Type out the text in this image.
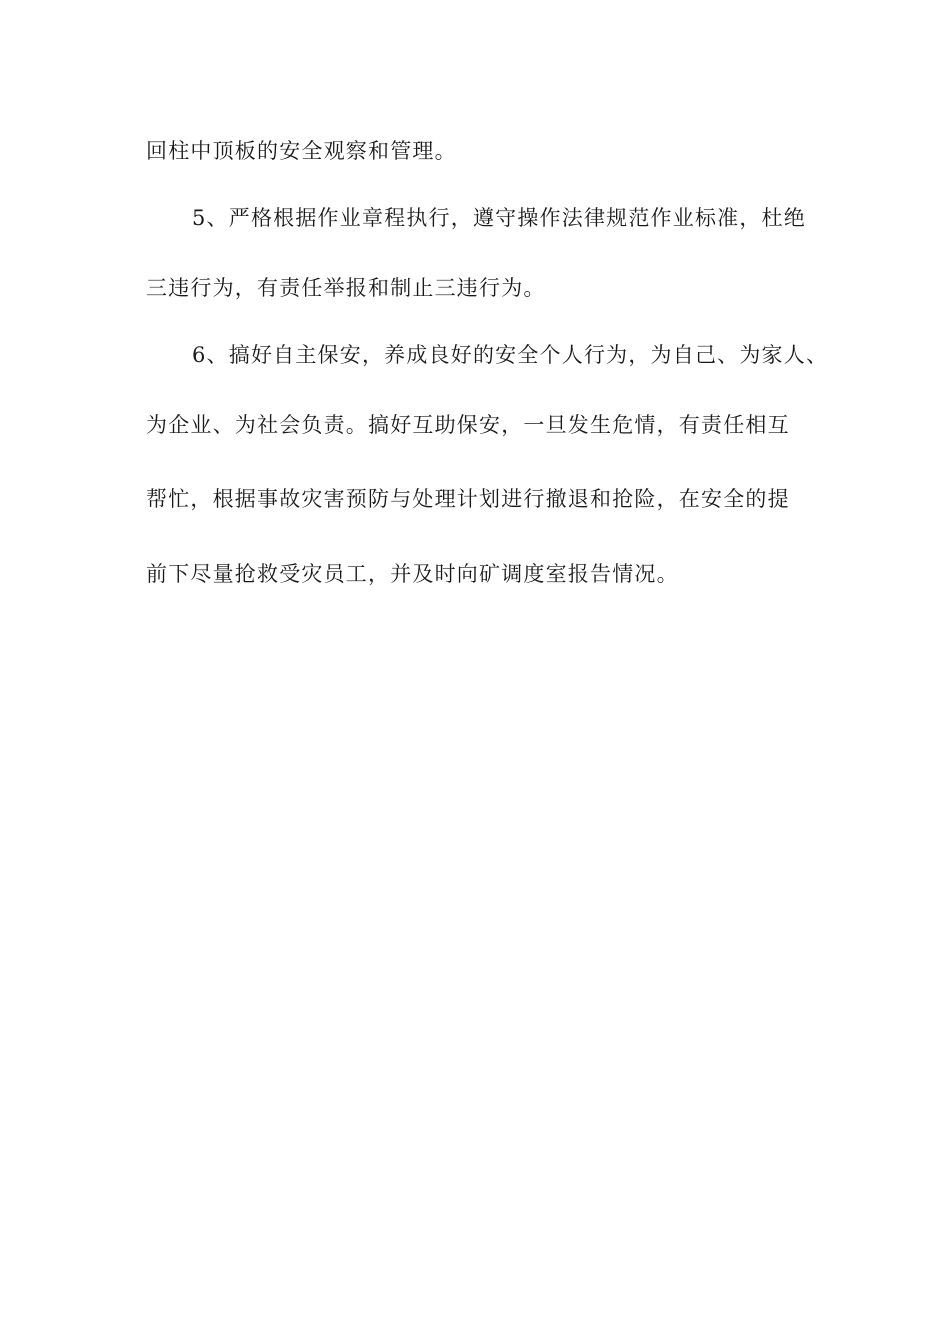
回柱中顶板的安全观察和管理。
5、严格根据作业章程执行，遵守操作法律规范作业标准，杜绝
三违行为，有责任举报和制止三违行为。
6、搞好自主保安，养成良好的安全个人行为，为自己、为家人、
为企业、为社会负责。搞好互助保安，一旦发生危情，有责任相互
帮忙，根据事故灾害预防与处理计划进行撤退和抢险，在安全的提
前下尽量抢救受灾员工，并及时向矿调度室报告情况。
